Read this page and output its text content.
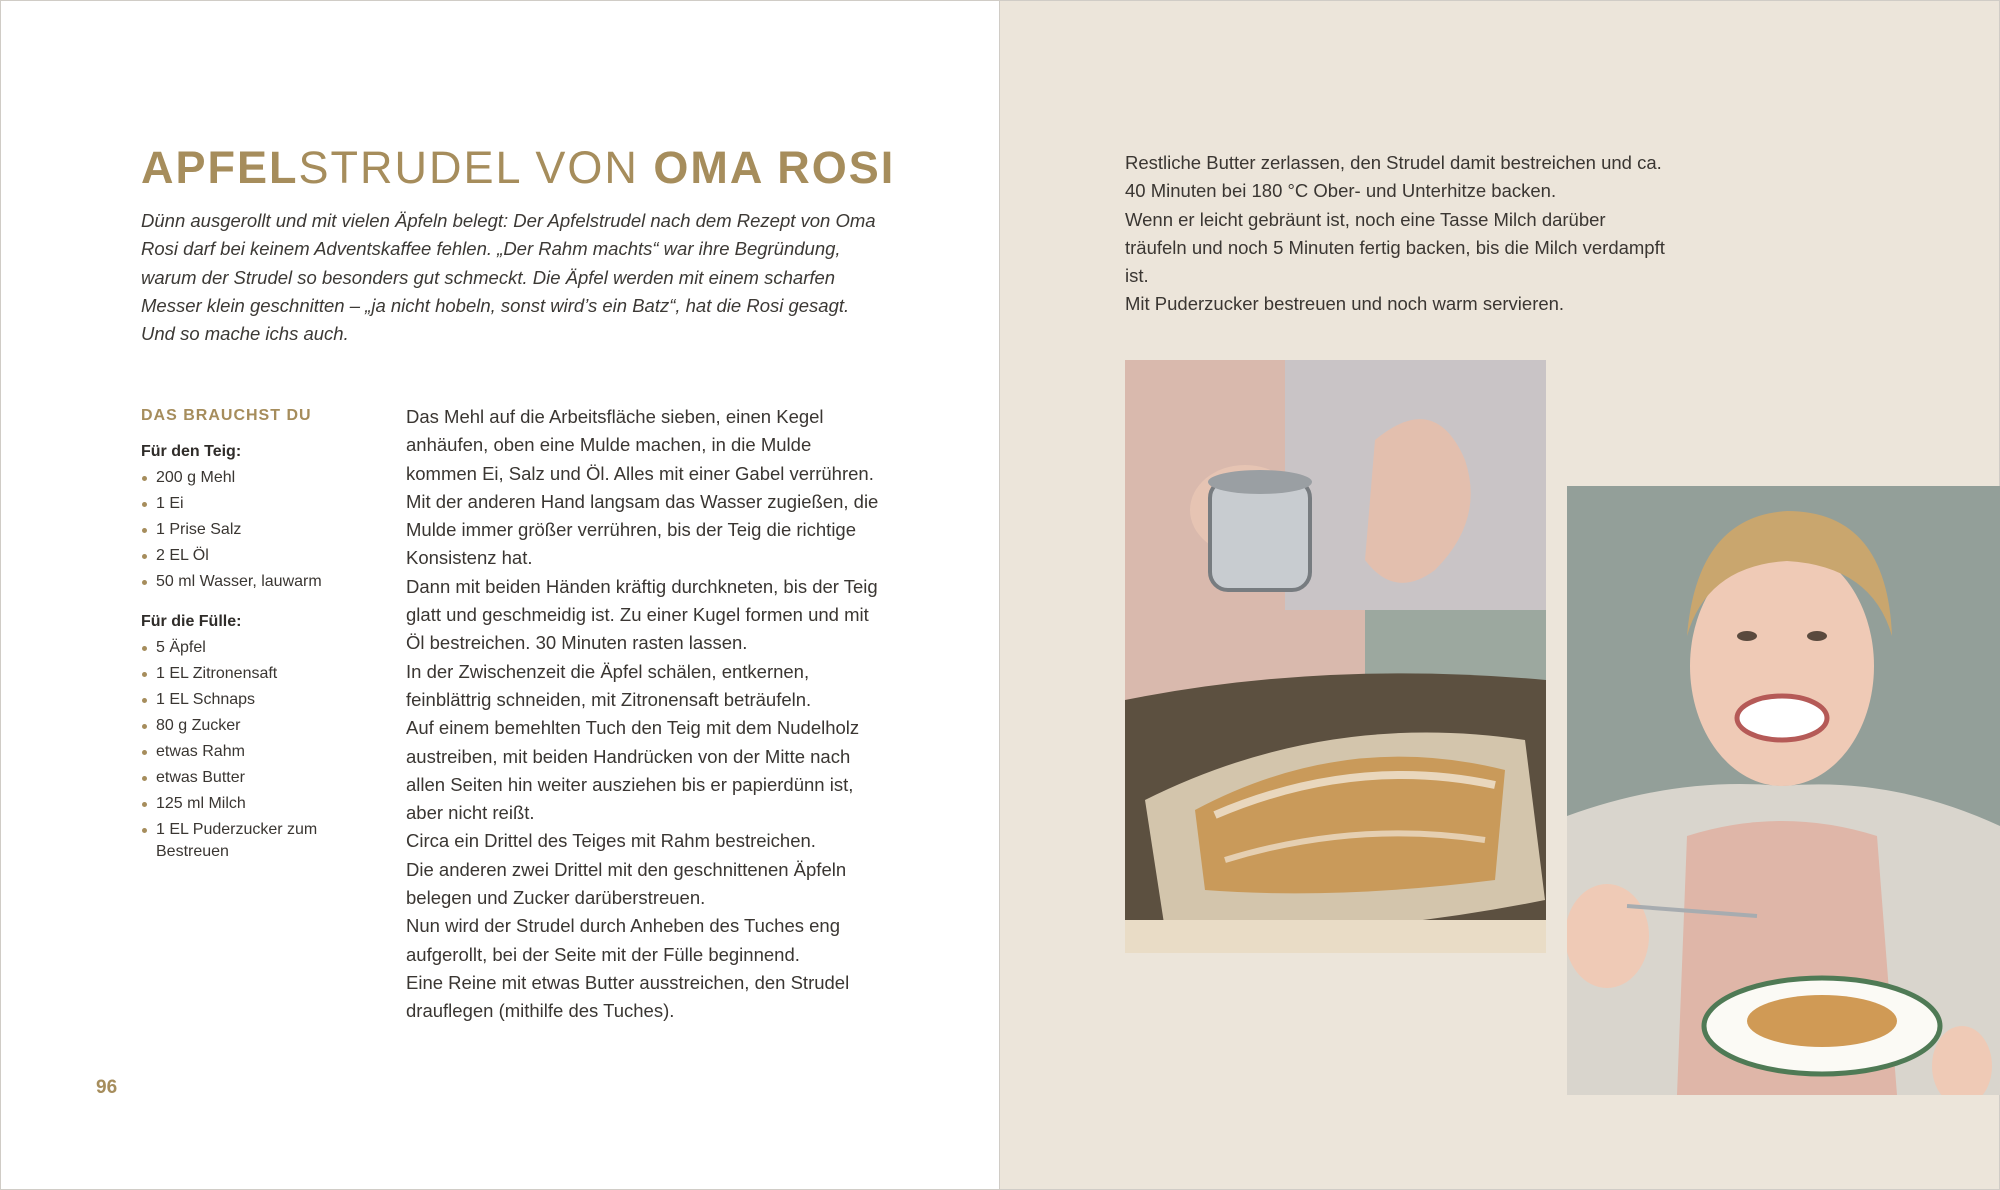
APFELSTRUDEL VON OMA ROSI

Dünn ausgerollt und mit vielen Äpfeln belegt: Der Apfelstrudel nach dem Rezept von Oma Rosi darf bei keinem Adventskaffee fehlen. „Der Rahm machts“ war ihre Begründung, warum der Strudel so besonders gut schmeckt. Die Äpfel werden mit einem scharfen Messer klein geschnitten – „ja nicht hobeln, sonst wird’s ein Batz“, hat die Rosi gesagt. Und so mache ichs auch.

DAS BRAUCHST DU
Für den Teig:
200 g Mehl
1 Ei
1 Prise Salz
2 EL Öl
50 ml Wasser, lauwarm
Für die Fülle:
5 Äpfel
1 EL Zitronensaft
1 EL Schnaps
80 g Zucker
etwas Rahm
etwas Butter
125 ml Milch
1 EL Puderzucker zum Bestreuen

Das Mehl auf die Arbeitsfläche sieben, einen Kegel anhäufen, oben eine Mulde machen, in die Mulde kommen Ei, Salz und Öl. Alles mit einer Gabel verrühren. Mit der anderen Hand langsam das Wasser zugießen, die Mulde immer größer verrühren, bis der Teig die richtige Konsistenz hat.

Dann mit beiden Händen kräftig durchkneten, bis der Teig glatt und geschmeidig ist. Zu einer Kugel formen und mit Öl bestreichen. 30 Minuten rasten lassen.

In der Zwischenzeit die Äpfel schälen, entkernen, feinblättrig schneiden, mit Zitronensaft beträufeln.

Auf einem bemehlten Tuch den Teig mit dem Nudelholz austreiben, mit beiden Handrücken von der Mitte nach allen Seiten hin weiter ausziehen bis er papierdünn ist, aber nicht reißt.

Circa ein Drittel des Teiges mit Rahm bestreichen.

Die anderen zwei Drittel mit den geschnittenen Äpfeln belegen und Zucker darüberstreuen.

Nun wird der Strudel durch Anheben des Tuches eng aufgerollt, bei der Seite mit der Fülle beginnend.

Eine Reine mit etwas Butter ausstreichen, den Strudel drauflegen (mithilfe des Tuches).

96

Restliche Butter zerlassen, den Strudel damit bestreichen und ca. 40 Minuten bei 180 °C Ober- und Unterhitze backen.

Wenn er leicht gebräunt ist, noch eine Tasse Milch darüber träufeln und noch 5 Minuten fertig backen, bis die Milch verdampft ist.

Mit Puderzucker bestreuen und noch warm servieren.
